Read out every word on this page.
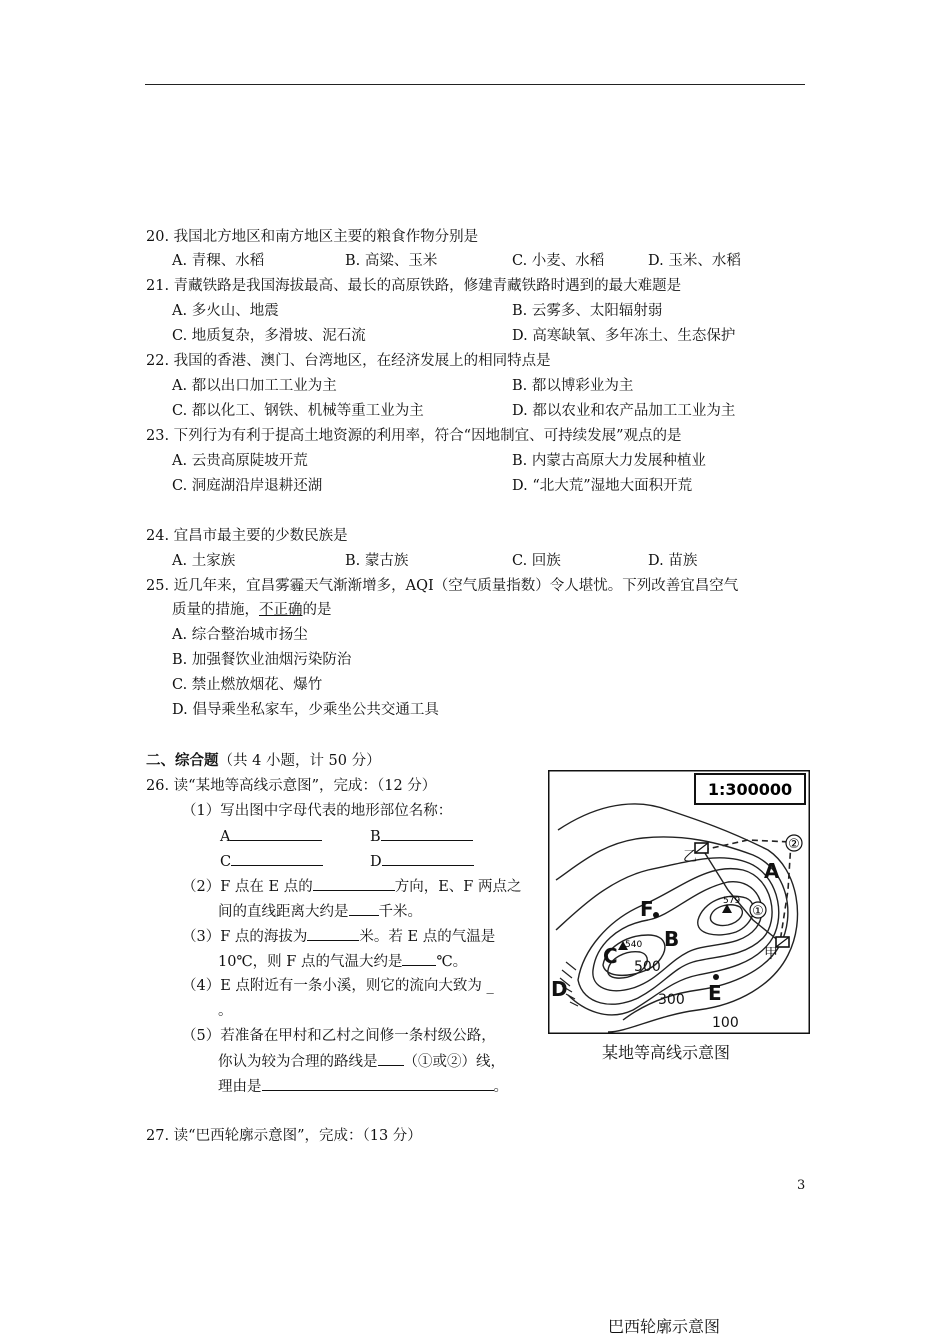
20. 我国北方地区和南方地区主要的粮食作物分别是
A. 青稞、水稻	B. 高粱、玉米	C. 小麦、水稻	D. 玉米、水稻
21. 青藏铁路是我国海拔最高、最长的高原铁路，修建青藏铁路时遇到的最大难题是
A. 多火山、地震	B. 云雾多、太阳辐射弱
C. 地质复杂，多滑坡、泥石流	D. 高寒缺氧、多年冻土、生态保护
22. 我国的香港、澳门、台湾地区，在经济发展上的相同特点是
A. 都以出口加工工业为主	B. 都以博彩业为主
C. 都以化工、钢铁、机械等重工业为主	D. 都以农业和农产品加工工业为主
23. 下列行为有利于提高土地资源的利用率，符合“因地制宜、可持续发展”观点的是
A. 云贵高原陡坡开荒	B. 内蒙古高原大力发展种植业
C. 洞庭湖沿岸退耕还湖	D. “北大荒”湿地大面积开荒
24. 宜昌市最主要的少数民族是
A. 土家族	B. 蒙古族	C. 回族	D. 苗族
25. 近几年来，宜昌雾霾天气渐渐增多，AQI（空气质量指数）令人堪忧。下列改善宜昌空气
质量的措施，不正确的是
A. 综合整治城市扬尘
B. 加强餐饮业油烟污染防治
C. 禁止燃放烟花、爆竹
D. 倡导乘坐私家车，少乘坐公共交通工具
二、综合题（共 4 小题，计 50 分）
26. 读“某地等高线示意图”，完成：（12 分）
（1）写出图中字母代表的地形部位名称：
A	B
C	D
（2）F 点在 E 点的	方向，E、F 两点之
间的直线距离大约是 千米。
（3）F 点的海拔为	米。若 E 点的气温是
10℃，则 F 点的气温大约是 ℃。
（4）E 点附近有一条小溪，则它的流向大致为 _
。
（5）若准备在甲村和乙村之间修一条村级公路，
你认为较为合理的路线是 （①或②）线，
理由是	。
1:300000
②
①
579
540
A
B
C
D	E
F
500
300
100
乙
甲
某地等高线示意图
27. 读“巴西轮廓示意图”，完成：（13 分）
3
巴西轮廓示意图
